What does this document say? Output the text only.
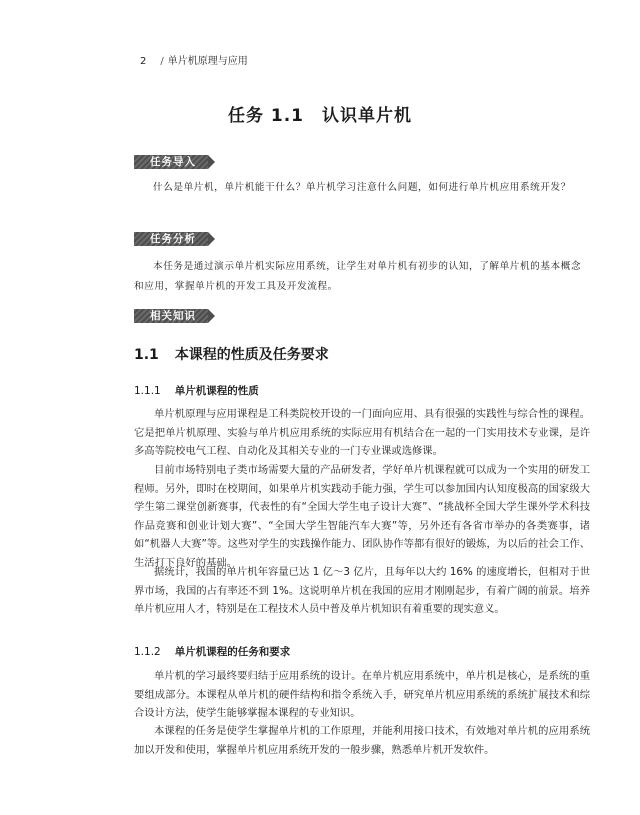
2 / 单片机原理与应用
任务 1.1 认识单片机
任务导入
什么是单片机，单片机能干什么？单片机学习注意什么问题，如何进行单片机应用系统开发？
任务分析
本任务是通过演示单片机实际应用系统，让学生对单片机有初步的认知，了解单片机的基本概念和应用，掌握单片机的开发工具及开发流程。
相关知识
1.1 本课程的性质及任务要求
1.1.1 单片机课程的性质
单片机原理与应用课程是工科类院校开设的一门面向应用、具有很强的实践性与综合性的课程。它是把单片机原理、实验与单片机应用系统的实际应用有机结合在一起的一门实用技术专业课，是许多高等院校电气工程、自动化及其相关专业的一门专业课或选修课。
目前市场特别电子类市场需要大量的产品研发者，学好单片机课程就可以成为一个实用的研发工程师。另外，即时在校期间，如果单片机实践动手能力强，学生可以参加国内认知度极高的国家级大学生第二课堂创新赛事，代表性的有“全国大学生电子设计大赛”、“挑战杯全国大学生课外学术科技作品竞赛和创业计划大赛”、“全国大学生智能汽车大赛”等，另外还有各省市举办的各类赛事，诸如“机器人大赛”等。这些对学生的实践操作能力、团队协作等都有很好的锻炼，为以后的社会工作、生活打下良好的基础。
据统计，我国的单片机年容量已达 1 亿～3 亿片，且每年以大约 16% 的速度增长，但相对于世界市场，我国的占有率还不到 1%。这说明单片机在我国的应用才刚刚起步，有着广阔的前景。培养单片机应用人才，特别是在工程技术人员中普及单片机知识有着重要的现实意义。
1.1.2 单片机课程的任务和要求
单片机的学习最终要归结于应用系统的设计。在单片机应用系统中，单片机是核心，是系统的重要组成部分。本课程从单片机的硬件结构和指令系统入手，研究单片机应用系统的系统扩展技术和综合设计方法，使学生能够掌握本课程的专业知识。
本课程的任务是使学生掌握单片机的工作原理，并能利用接口技术，有效地对单片机的应用系统加以开发和使用，掌握单片机应用系统开发的一般步骤，熟悉单片机开发软件。
